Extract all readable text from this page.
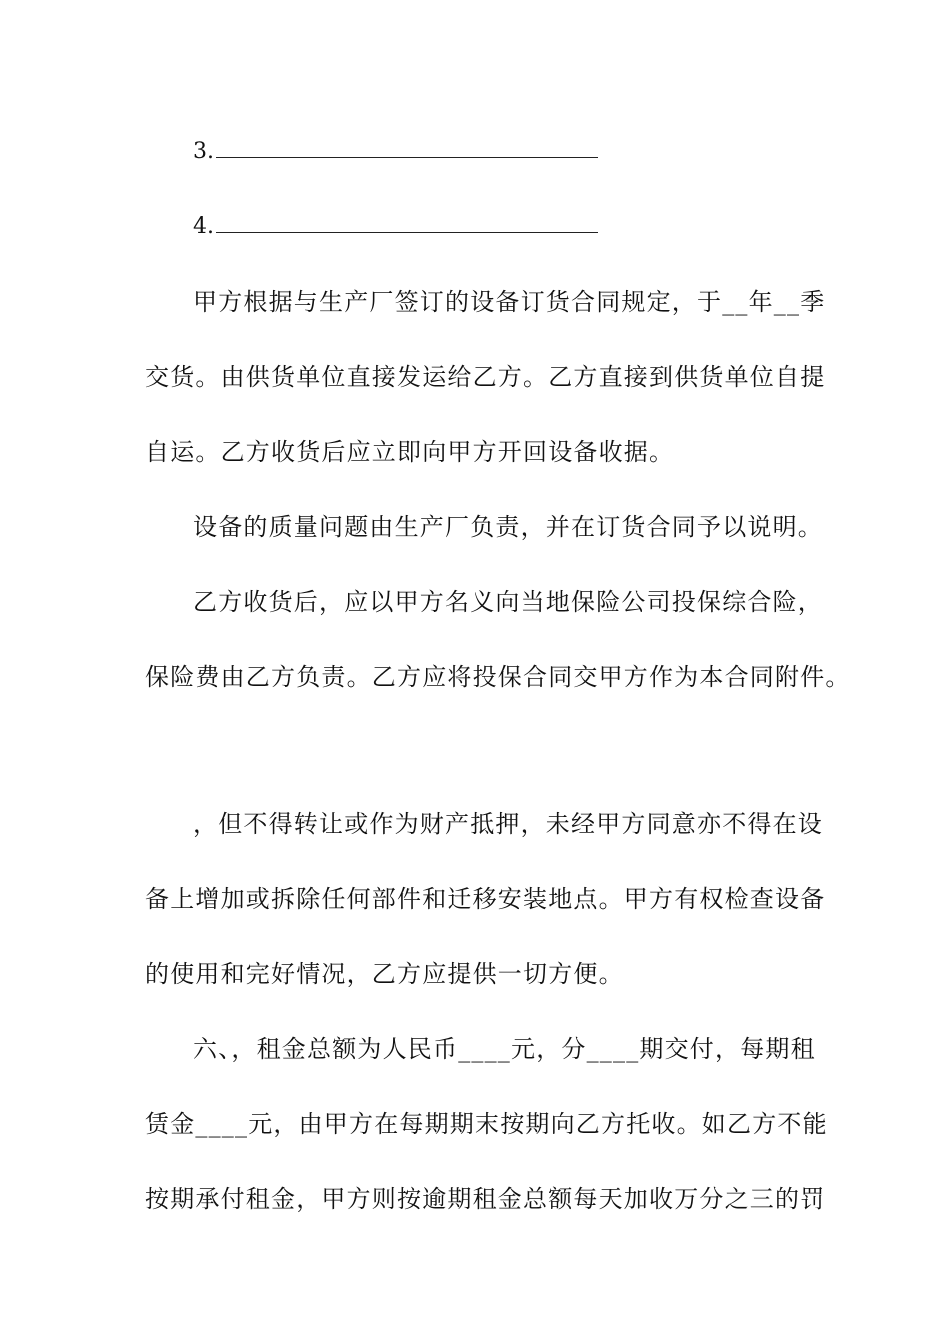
3.
4.
甲方根据与生产厂签订的设备订货合同规定，于__年__季
交货。由供货单位直接发运给乙方。乙方直接到供货单位自提
自运。乙方收货后应立即向甲方开回设备收据。
设备的质量问题由生产厂负责，并在订货合同予以说明。
乙方收货后，应以甲方名义向当地保险公司投保综合险，
保险费由乙方负责。乙方应将投保合同交甲方作为本合同附件。
，但不得转让或作为财产抵押，未经甲方同意亦不得在设
备上增加或拆除任何部件和迁移安装地点。甲方有权检查设备
的使用和完好情况，乙方应提供一切方便。
六、，租金总额为人民币____元，分____期交付，每期租
赁金____元，由甲方在每期期末按期向乙方托收。如乙方不能
按期承付租金，甲方则按逾期租金总额每天加收万分之三的罚
